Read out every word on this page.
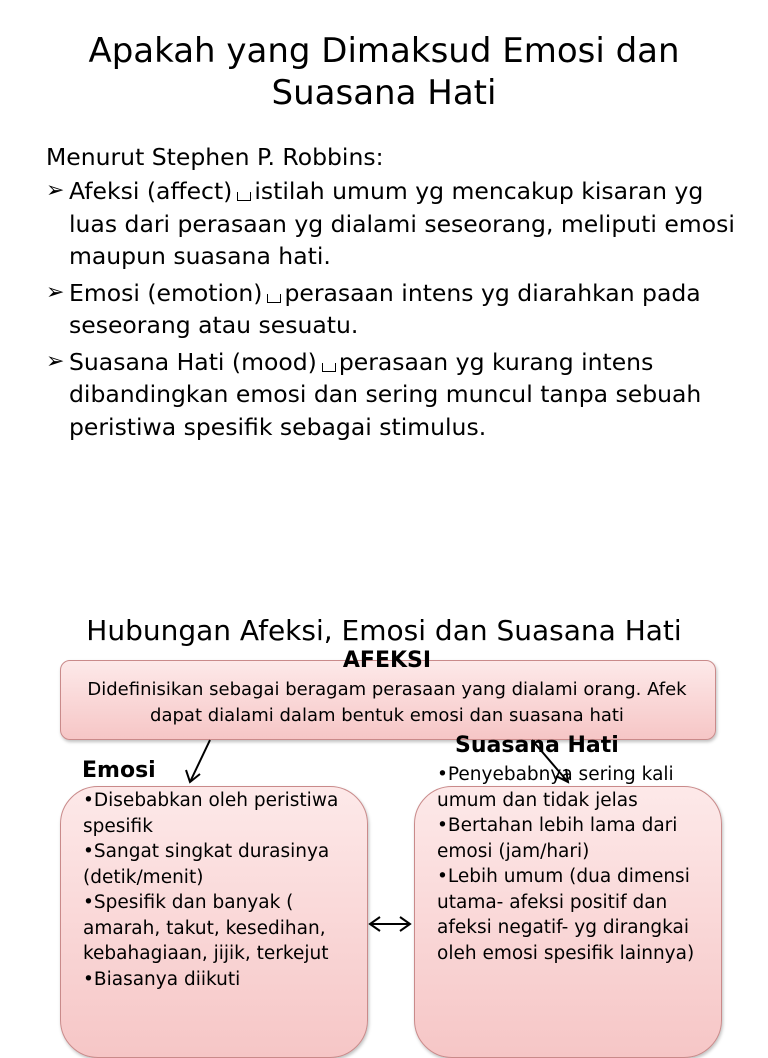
Apakah yang Dimaksud Emosi dan Suasana Hati
Menurut Stephen P. Robbins:
➢ Afeksi (affect) istilah umum yg mencakup kisaran yg luas dari perasaan yg dialami seseorang, meliputi emosi maupun suasana hati.
➢ Emosi (emotion) perasaan intens yg diarahkan pada seseorang atau sesuatu.
➢ Suasana Hati (mood) perasaan yg kurang intens dibandingkan emosi dan sering muncul tanpa sebuah peristiwa spesifik sebagai stimulus.
Hubungan Afeksi, Emosi dan Suasana Hati
AFEKSI
Didefinisikan sebagai beragam perasaan yang dialami orang. Afek dapat dialami dalam bentuk emosi dan suasana hati
Emosi
•Disebabkan oleh peristiwa spesifik
•Sangat singkat durasinya (detik/menit)
•Spesifik dan banyak ( amarah, takut, kesedihan, kebahagiaan, jijik, terkejut
•Biasanya diikuti
Suasana Hati
•Penyebabnya sering kali umum dan tidak jelas
•Bertahan lebih lama dari emosi (jam/hari)
•Lebih umum (dua dimensi utama- afeksi positif dan afeksi negatif- yg dirangkai oleh emosi spesifik lainnya)
